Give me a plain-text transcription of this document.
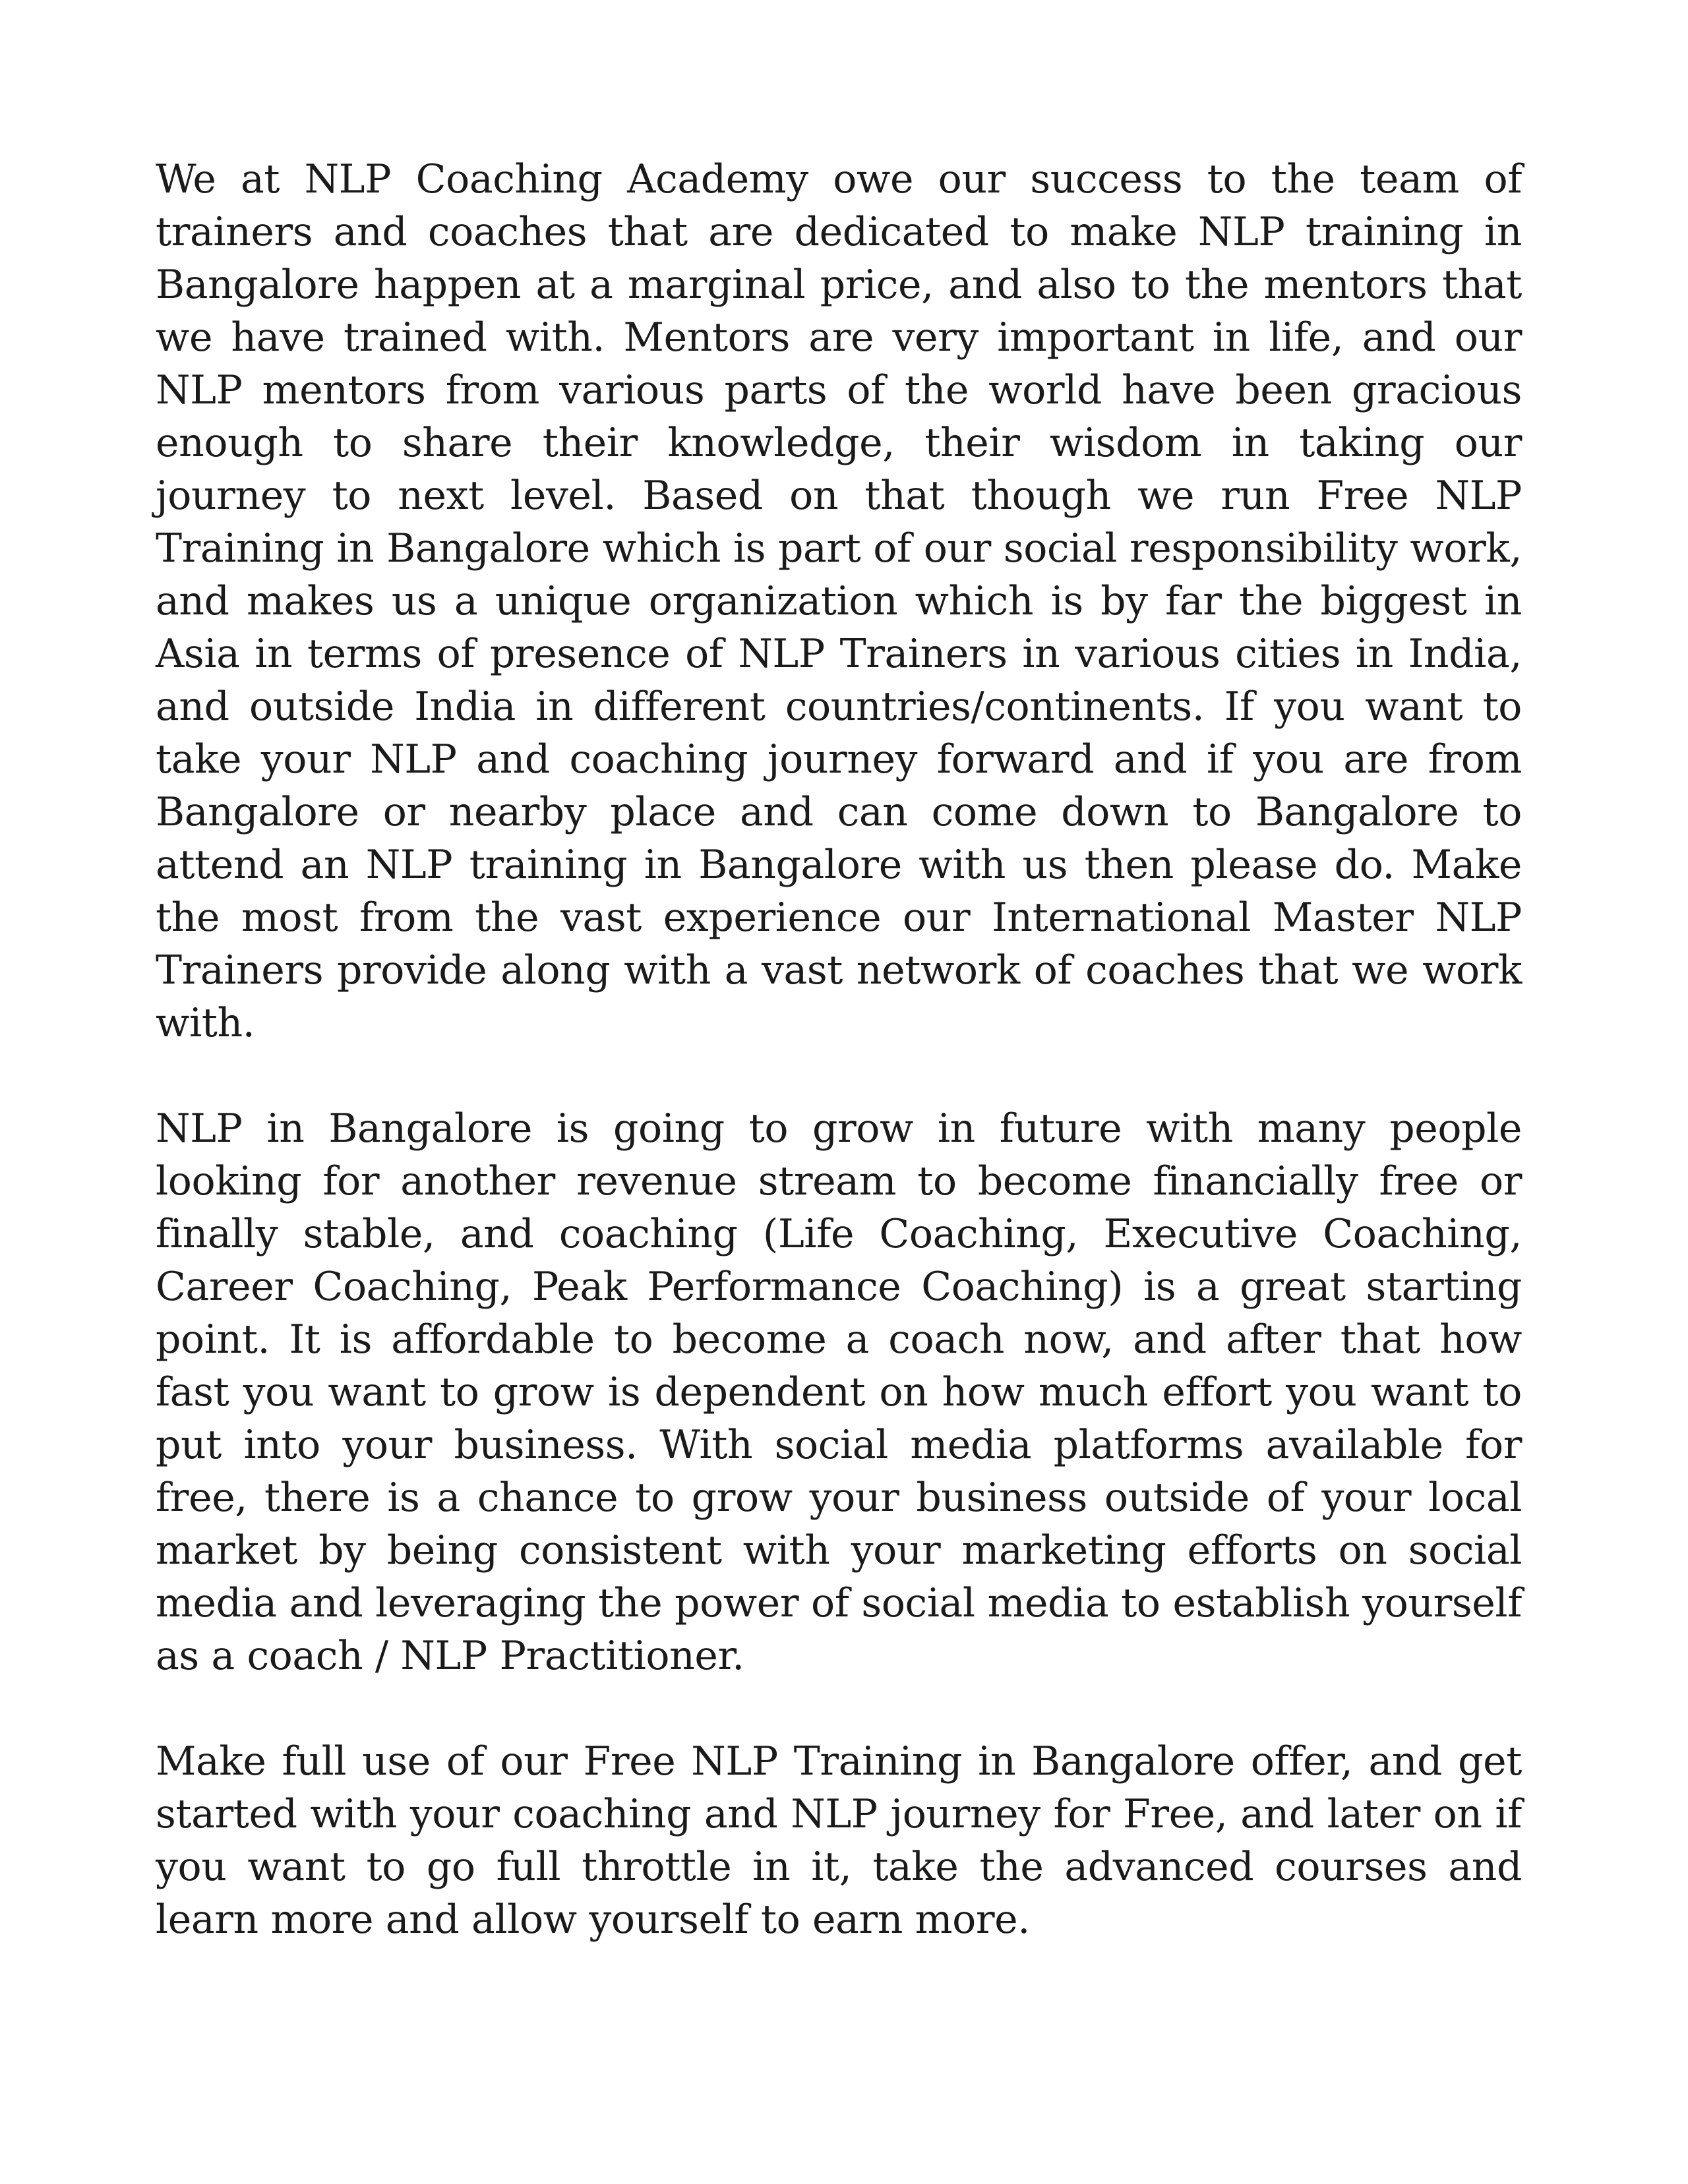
We at NLP Coaching Academy owe our success to the team of trainers and coaches that are dedicated to make NLP training in Bangalore happen at a marginal price, and also to the mentors that we have trained with. Mentors are very important in life, and our NLP mentors from various parts of the world have been gracious enough to share their knowledge, their wisdom in taking our journey to next level. Based on that though we run Free NLP Training in Bangalore which is part of our social responsibility work, and makes us a unique organization which is by far the biggest in Asia in terms of presence of NLP Trainers in various cities in India, and outside India in different countries/continents. If you want to take your NLP and coaching journey forward and if you are from Bangalore or nearby place and can come down to Bangalore to attend an NLP training in Bangalore with us then please do. Make the most from the vast experience our International Master NLP Trainers provide along with a vast network of coaches that we work with.

NLP in Bangalore is going to grow in future with many people looking for another revenue stream to become financially free or finally stable, and coaching (Life Coaching, Executive Coaching, Career Coaching, Peak Performance Coaching) is a great starting point. It is affordable to become a coach now, and after that how fast you want to grow is dependent on how much effort you want to put into your business. With social media platforms available for free, there is a chance to grow your business outside of your local market by being consistent with your marketing efforts on social media and leveraging the power of social media to establish yourself as a coach / NLP Practitioner.

Make full use of our Free NLP Training in Bangalore offer, and get started with your coaching and NLP journey for Free, and later on if you want to go full throttle in it, take the advanced courses and learn more and allow yourself to earn more.
